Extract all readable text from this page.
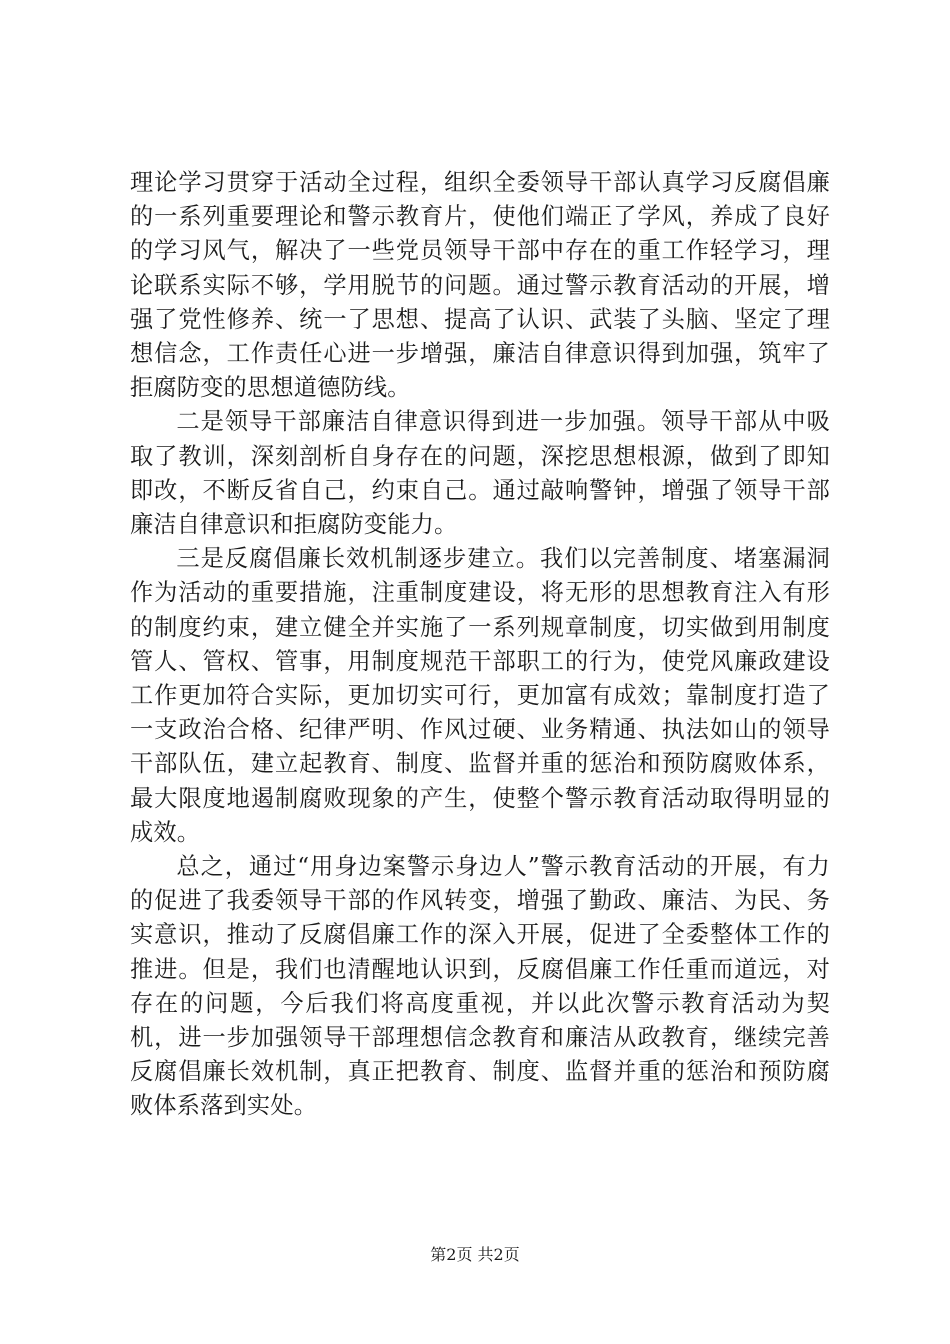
理论学习贯穿于活动全过程，组织全委领导干部认真学习反腐倡廉的一系列重要理论和警示教育片，使他们端正了学风，养成了良好的学习风气，解决了一些党员领导干部中存在的重工作轻学习，理论联系实际不够，学用脱节的问题。通过警示教育活动的开展，增强了党性修养、统一了思想、提高了认识、武装了头脑、坚定了理想信念，工作责任心进一步增强，廉洁自律意识得到加强，筑牢了拒腐防变的思想道德防线。

二是领导干部廉洁自律意识得到进一步加强。领导干部从中吸取了教训，深刻剖析自身存在的问题，深挖思想根源，做到了即知即改，不断反省自己，约束自己。通过敲响警钟，增强了领导干部廉洁自律意识和拒腐防变能力。

三是反腐倡廉长效机制逐步建立。我们以完善制度、堵塞漏洞作为活动的重要措施，注重制度建设，将无形的思想教育注入有形的制度约束，建立健全并实施了一系列规章制度，切实做到用制度管人、管权、管事，用制度规范干部职工的行为，使党风廉政建设工作更加符合实际，更加切实可行，更加富有成效；靠制度打造了一支政治合格、纪律严明、作风过硬、业务精通、执法如山的领导干部队伍，建立起教育、制度、监督并重的惩治和预防腐败体系，最大限度地遏制腐败现象的产生，使整个警示教育活动取得明显的成效。

总之，通过“用身边案警示身边人”警示教育活动的开展，有力的促进了我委领导干部的作风转变，增强了勤政、廉洁、为民、务实意识，推动了反腐倡廉工作的深入开展，促进了全委整体工作的推进。但是，我们也清醒地认识到，反腐倡廉工作任重而道远，对存在的问题，今后我们将高度重视，并以此次警示教育活动为契机，进一步加强领导干部理想信念教育和廉洁从政教育，继续完善反腐倡廉长效机制，真正把教育、制度、监督并重的惩治和预防腐败体系落到实处。

第2页 共2页
